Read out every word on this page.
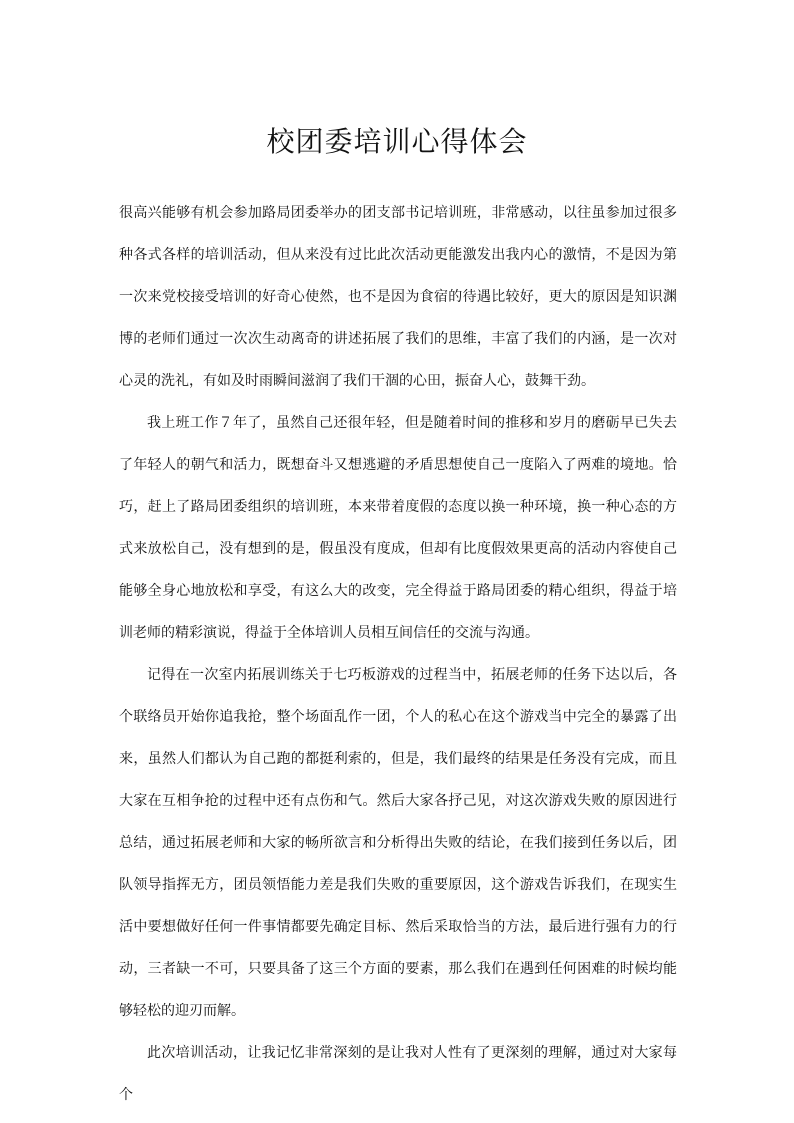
校团委培训心得体会

很高兴能够有机会参加路局团委举办的团支部书记培训班，非常感动，以往虽参加过很多种各式各样的培训活动，但从来没有过比此次活动更能激发出我内心的激情，不是因为第一次来党校接受培训的好奇心使然，也不是因为食宿的待遇比较好，更大的原因是知识渊博的老师们通过一次次生动离奇的讲述拓展了我们的思维，丰富了我们的内涵，是一次对心灵的洗礼，有如及时雨瞬间滋润了我们干涸的心田，振奋人心，鼓舞干劲。

我上班工作７年了，虽然自己还很年轻，但是随着时间的推移和岁月的磨砺早已失去了年轻人的朝气和活力，既想奋斗又想逃避的矛盾思想使自己一度陷入了两难的境地。恰巧，赶上了路局团委组织的培训班，本来带着度假的态度以换一种环境，换一种心态的方式来放松自己，没有想到的是，假虽没有度成，但却有比度假效果更高的活动内容使自己能够全身心地放松和享受，有这么大的改变，完全得益于路局团委的精心组织，得益于培训老师的精彩演说，得益于全体培训人员相互间信任的交流与沟通。

记得在一次室内拓展训练关于七巧板游戏的过程当中，拓展老师的任务下达以后，各个联络员开始你追我抢，整个场面乱作一团，个人的私心在这个游戏当中完全的暴露了出来，虽然人们都认为自己跑的都挺利索的，但是，我们最终的结果是任务没有完成，而且大家在互相争抢的过程中还有点伤和气。然后大家各抒己见，对这次游戏失败的原因进行总结，通过拓展老师和大家的畅所欲言和分析得出失败的结论，在我们接到任务以后，团队领导指挥无方，团员领悟能力差是我们失败的重要原因，这个游戏告诉我们，在现实生活中要想做好任何一件事情都要先确定目标、然后采取恰当的方法，最后进行强有力的行动，三者缺一不可，只要具备了这三个方面的要素，那么我们在遇到任何困难的时候均能够轻松的迎刃而解。

此次培训活动，让我记忆非常深刻的是让我对人性有了更深刻的理解，通过对大家每个
